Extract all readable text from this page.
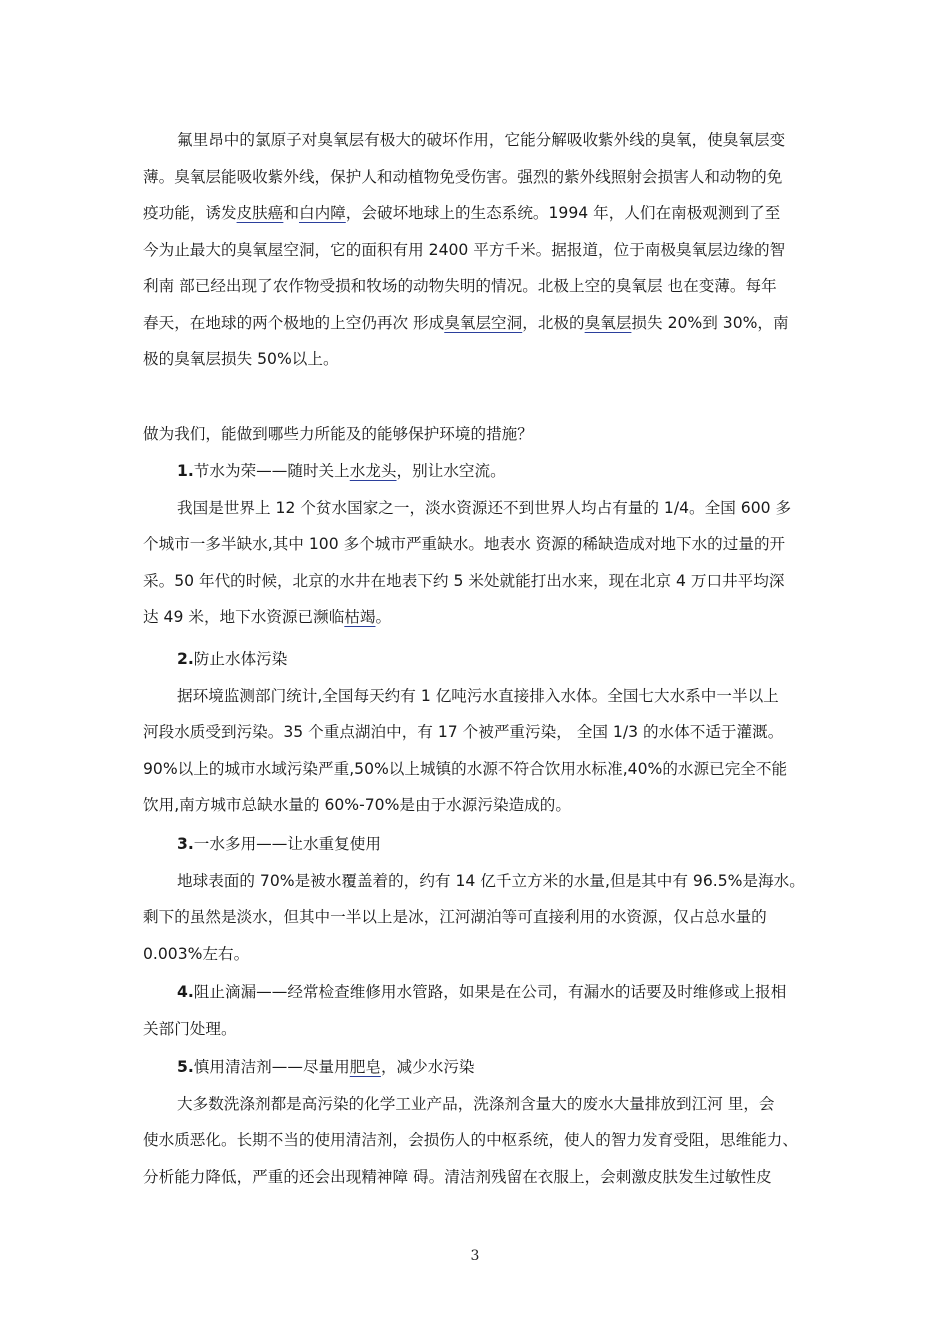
氟里昂中的氯原子对臭氧层有极大的破坏作用，它能分解吸收紫外线的臭氧，使臭氧层变
薄。臭氧层能吸收紫外线，保护人和动植物免受伤害。强烈的紫外线照射会损害人和动物的免
疫功能，诱发皮肤癌和白内障，会破坏地球上的生态系统。1994 年，人们在南极观测到了至
今为止最大的臭氧屋空洞，它的面积有用 2400 平方千米。据报道，位于南极臭氧层边缘的智
利南 部已经出现了农作物受损和牧场的动物失明的情况。北极上空的臭氧层 也在变薄。每年
春天，在地球的两个极地的上空仍再次 形成臭氧层空洞，北极的臭氧层损失 20%到 30%，南
极的臭氧层损失 50%以上。
做为我们，能做到哪些力所能及的能够保护环境的措施？
1.节水为荣——随时关上水龙头，别让水空流。
我国是世界上 12 个贫水国家之一，淡水资源还不到世界人均占有量的 1/4。全国 600 多
个城市一多半缺水,其中 100 多个城市严重缺水。地表水 资源的稀缺造成对地下水的过量的开
采。50 年代的时候，北京的水井在地表下约 5 米处就能打出水来，现在北京 4 万口井平均深
达 49 米，地下水资源已濒临枯竭。
2.防止水体污染
据环境监测部门统计,全国每天约有 1 亿吨污水直接排入水体。全国七大水系中一半以上
河段水质受到污染。35 个重点湖泊中，有 17 个被严重污染， 全国 1/3 的水体不适于灌溉。
90%以上的城市水域污染严重,50%以上城镇的水源不符合饮用水标准,40%的水源已完全不能
饮用,南方城市总缺水量的 60%-70%是由于水源污染造成的。
3.一水多用——让水重复使用
地球表面的 70%是被水覆盖着的，约有 14 亿千立方米的水量,但是其中有 96.5%是海水。
剩下的虽然是淡水，但其中一半以上是冰，江河湖泊等可直接利用的水资源，仅占总水量的
0.003%左右。
4.阻止滴漏——经常检查维修用水管路，如果是在公司，有漏水的话要及时维修或上报相
关部门处理。
5.慎用清洁剂——尽量用肥皂，减少水污染
大多数洗涤剂都是高污染的化学工业产品，洗涤剂含量大的废水大量排放到江河 里，会
使水质恶化。长期不当的使用清洁剂，会损伤人的中枢系统，使人的智力发育受阻，思维能力、
分析能力降低，严重的还会出现精神障 碍。清洁剂残留在衣服上，会刺激皮肤发生过敏性皮
3
